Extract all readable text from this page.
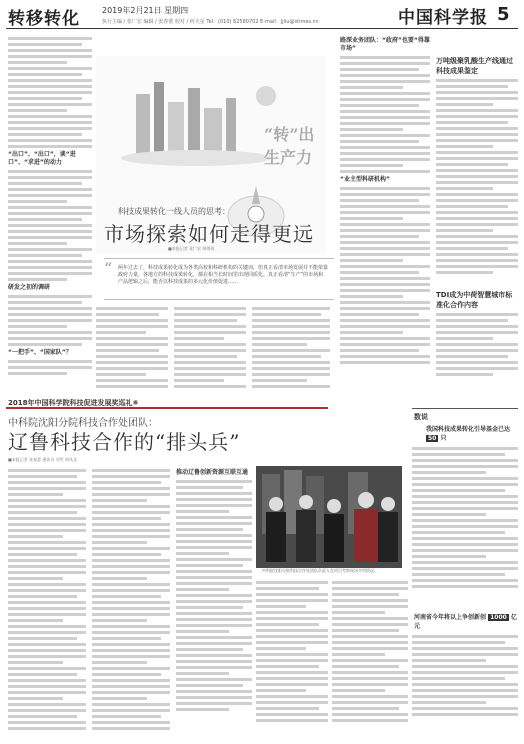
转移转化	2019年2月21日 星期四
执行主编 / 张广宏 编辑 / 张春蕾 校对 / 何天星 Tel：(010) 62580702 E-mail：jjliu@stimes.cn	中国科学报 5
“出口”、“出口”，谈“进口”、“求进”的动力
研发之初的调研
“一把手”、“国家队”？
“转”出生产力
科技成果转化一线人员的思考：
市场探索如何走得更远
■本报记者 张广宏 胡珉琦
“ 两年过去了，科技成果转化成为各类高校和科研机构的关键词，但真正看清市场发展并不能依靠政府力量，各地方的科技成果转化，都在相当长时间里出现同质化。真正看清“生产”的市场和产品逻辑之后，能否以科技成果的多元化价值促进……
路深业务团队：“政府”也要“得靠市场”
“业主型科研机构”
2018年中国科学院科技促进发展奖巡礼⑥
中科院沈阳分院科技合作处团队：
辽鲁科技合作的“排头兵”
■本报记者 张春蕾 通讯员 刘雪 周凤龙
推动辽鲁创新资源互联互通
中科院沈阳分院科技合作处团队负责人在项目考察现场介绍情况。
万吨级聚乳酸生产线通过科技成果鉴定
TDI成为中荷智慧城市标准化合作内容
数说
我国科技成果转化引导基金已达 50 只
河南省今年将以上争创新创 1000 亿元
